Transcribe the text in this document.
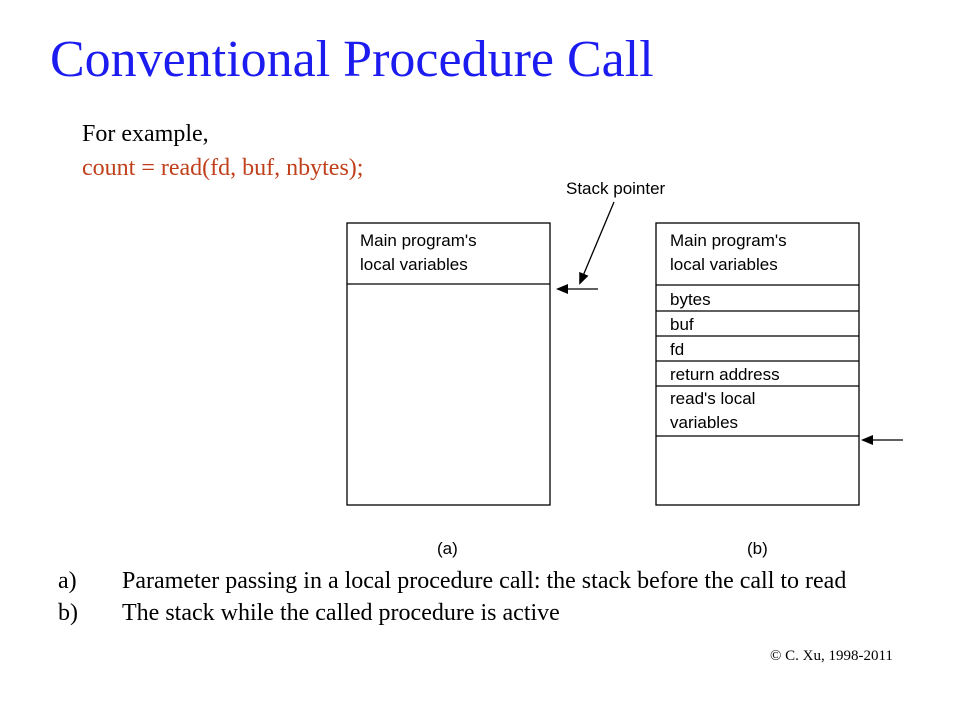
Conventional Procedure Call
For example,
count = read(fd, buf, nbytes);
Main program's local variables
(a)
Stack pointer
Main program's local variables
bytes
buf
fd
return address
read's local variables
(b)
a)	Parameter passing in a local procedure call: the stack before the call to read
b)	The stack while the called procedure is active
© C. Xu, 1998-2011
